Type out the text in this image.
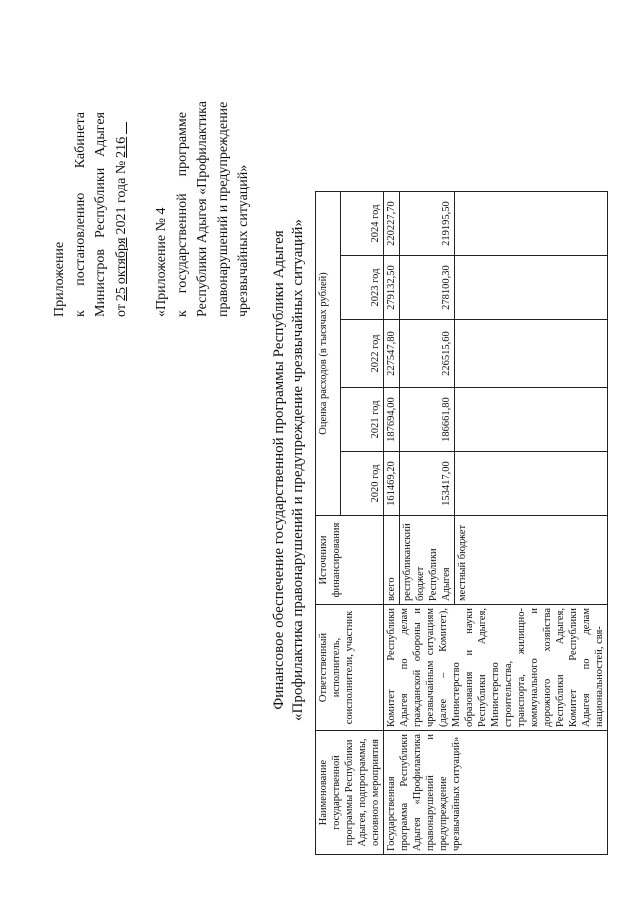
Приложение к
постановлению
Кабинета
Министров
Республики
Адыгея
от
25
октября
2021 года №
216
«Приложение № 4 к
государственной
программе Республики Адыгея «Профилактика правонарушений и предупреждение чрезвычайных ситуаций» Финансовое обеспечение государственной программы Республики Адыгея «Профилактика правонарушений и предупреждение чрезвычайных ситуаций»
Наименование государственной программы Республики Адыгея, подпрограммы, основного мероприятия	Ответственный исполнитель, соисполнители, участник	Источники финансирования	Оценка расходов (в тысячах рублей)				
			2020 год	2021 год	2022 год	2023 год	2024 год
Государственная программа Республики Адыгея «Профилактика правонарушений и предупреждение чрезвычайных ситуаций»	Комитет Республики Адыгея по делам гражданской обороны и чрезвычайным ситуациям (далее – Комитет), Министерство образования и науки Республики Адыгея, Министерство строительства, транспорта, жилищно-коммунального и дорожного хозяйства Республики Адыгея, Комитет Республики Адыгея по делам национальностей, свя-	всего	161469,20	187694,00	227547,80	279132,50	220227,70
		республиканский бюджет Республики Адыгея	153417,00	186661,80	226515,60	278100,30	219195,50
		местный бюджет					
